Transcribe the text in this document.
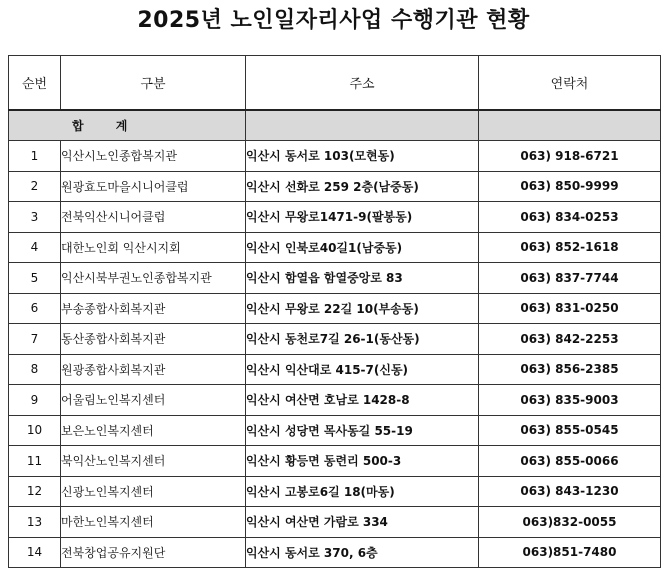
2025년 노인일자리사업 수행기관 현황
순번	구분	주소	연락처
합 계			
1	익산시노인종합복지관	익산시 동서로 103(모현동)	063) 918-6721
2	원광효도마을시니어클럽	익산시 선화로 259 2층(남중동)	063) 850-9999
3	전북익산시니어클럽	익산시 무왕로1471-9(팔봉동)	063) 834-0253
4	대한노인회 익산시지회	익산시 인북로40길1(남중동)	063) 852-1618
5	익산시북부권노인종합복지관	익산시 함열읍 함열중앙로 83	063) 837-7744
6	부송종합사회복지관	익산시 무왕로 22길 10(부송동)	063) 831-0250
7	동산종합사회복지관	익산시 동천로7길 26-1(동산동)	063) 842-2253
8	원광종합사회복지관	익산시 익산대로 415-7(신동)	063) 856-2385
9	어울림노인복지센터	익산시 여산면 호남로 1428-8	063) 835-9003
10	보은노인복지센터	익산시 성당면 목사동길 55-19	063) 855-0545
11	북익산노인복지센터	익산시 황등면 동련리 500-3	063) 855-0066
12	신광노인복지센터	익산시 고봉로6길 18(마동)	063) 843-1230
13	마한노인복지센터	익산시 여산면 가람로 334	063)832-0055
14	전북창업공유지원단	익산시 동서로 370, 6층	063)851-7480
